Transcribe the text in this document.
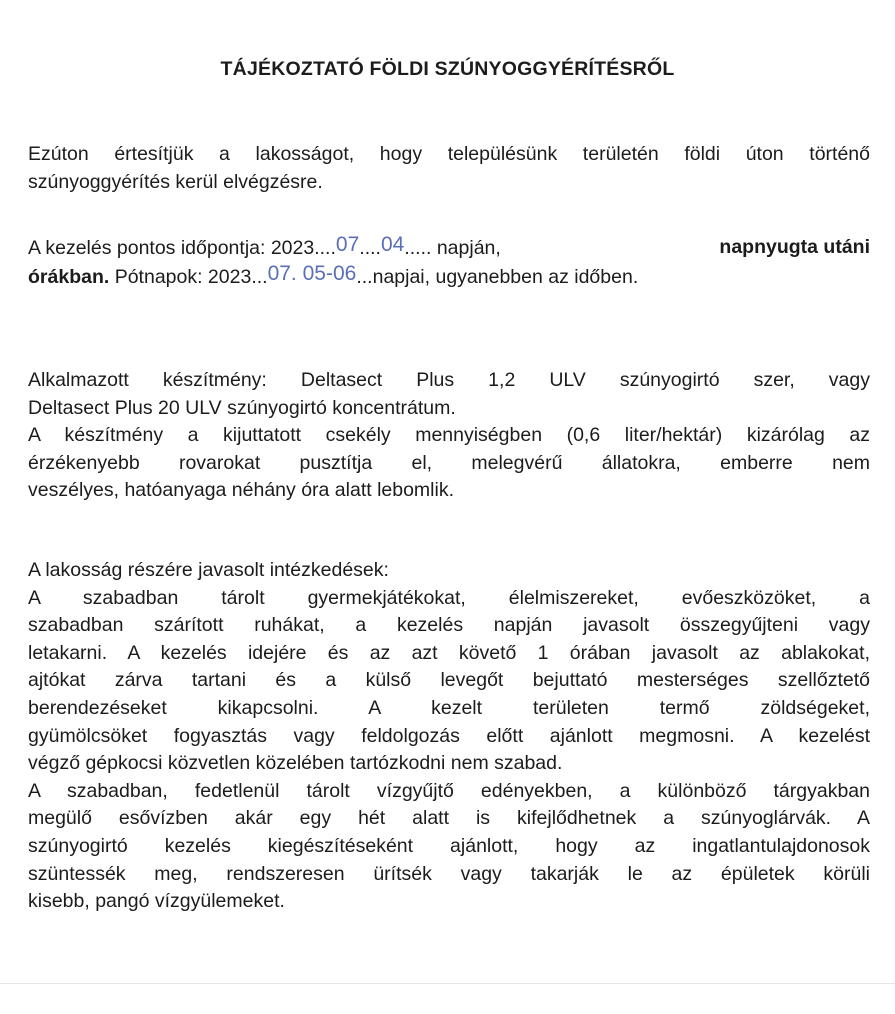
TÁJÉKOZTATÓ FÖLDI SZÚNYOGGYÉRÍTÉSRŐL
Ezúton értesítjük a lakosságot, hogy településünk területén földi úton történő
szúnyoggyérítés kerül elvégzésre.
A kezelés pontos időpontja: 2023....07....04..... napján,	napnyugta utáni
órákban. Pótnapok: 2023...07. 05-06...napjai, ugyanebben az időben.
Alkalmazott készítmény: Deltasect Plus 1,2 ULV szúnyogirtó szer, vagy
Deltasect Plus 20 ULV szúnyogirtó koncentrátum.
A készítmény a kijuttatott csekély mennyiségben (0,6 liter/hektár) kizárólag az
érzékenyebb rovarokat pusztítja el, melegvérű állatokra, emberre nem
veszélyes, hatóanyaga néhány óra alatt lebomlik.
A lakosság részére javasolt intézkedések:
A szabadban tárolt gyermekjátékokat, élelmiszereket, evőeszközöket, a
szabadban szárított ruhákat, a kezelés napján javasolt összegyűjteni vagy
letakarni. A kezelés idejére és az azt követő 1 órában javasolt az ablakokat,
ajtókat zárva tartani és a külső levegőt bejuttató mesterséges szellőztető
berendezéseket kikapcsolni. A kezelt területen termő zöldségeket,
gyümölcsöket fogyasztás vagy feldolgozás előtt ajánlott megmosni. A kezelést
végző gépkocsi közvetlen közelében tartózkodni nem szabad.
A szabadban, fedetlenül tárolt vízgyűjtő edényekben, a különböző tárgyakban
megülő esővízben akár egy hét alatt is kifejlődhetnek a szúnyoglárvák. A
szúnyogirtó kezelés kiegészítéseként ajánlott, hogy az ingatlantulajdonosok
szüntessék meg, rendszeresen ürítsék vagy takarják le az épületek körüli
kisebb, pangó vízgyülemeket.
